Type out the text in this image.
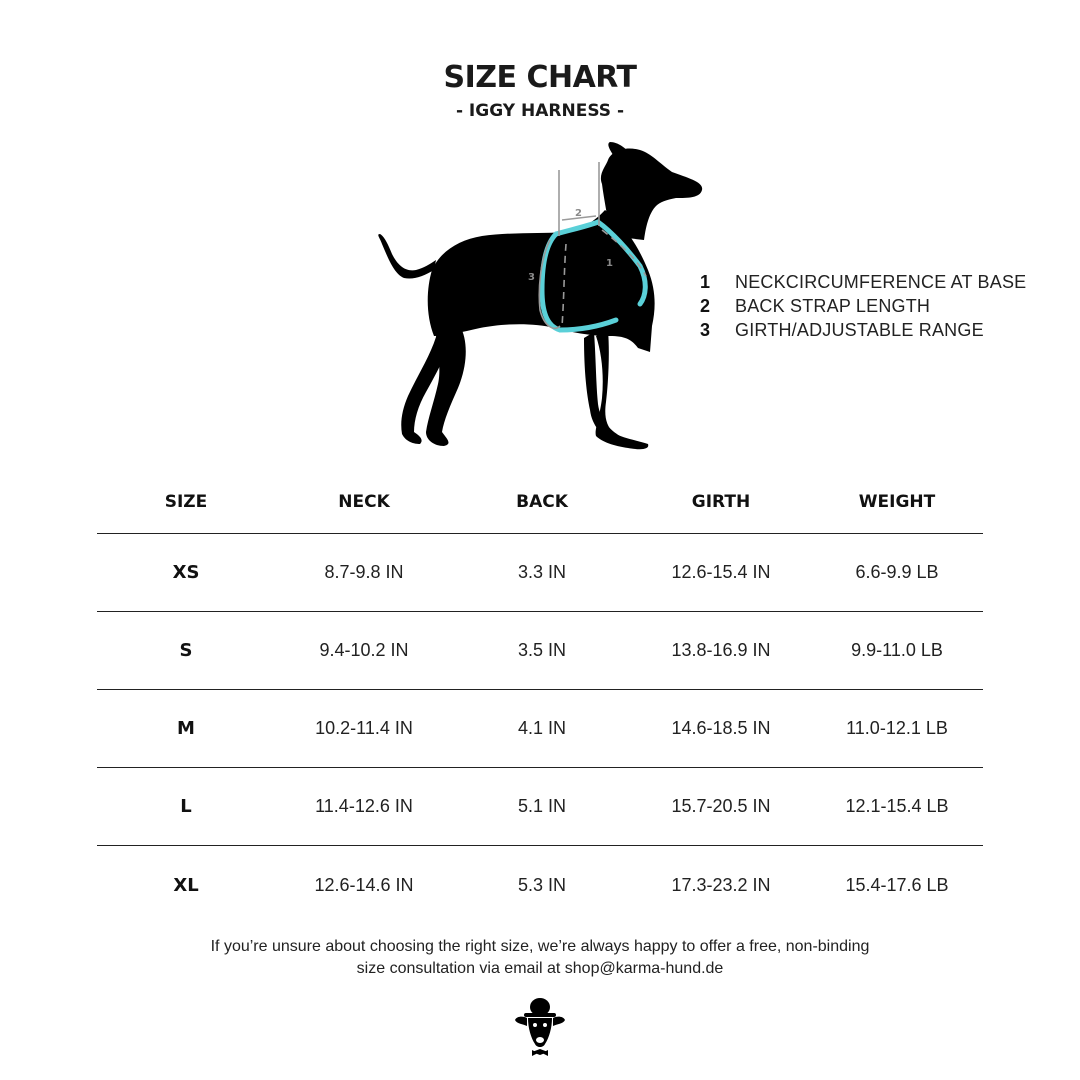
SIZE CHART
- IGGY HARNESS -
2
1
3	1	NECKCIRCUMFERENCE AT BASE
2	BACK STRAP LENGTH
3	GIRTH/ADJUSTABLE RANGE
SIZE	NECK	BACK	GIRTH	WEIGHT
XS	8.7-9.8 IN	3.3 IN	12.6-15.4 IN	6.6-9.9 LB
S	9.4-10.2 IN	3.5 IN	13.8-16.9 IN	9.9-11.0 LB
M	10.2-11.4 IN	4.1 IN	14.6-18.5 IN	11.0-12.1 LB
L	11.4-12.6 IN	5.1 IN	15.7-20.5 IN	12.1-15.4 LB
XL	12.6-14.6 IN	5.3 IN	17.3-23.2 IN	15.4-17.6 LB
If you’re unsure about choosing the right size, we’re always happy to offer a free, non-binding
size consultation via email at shop@karma-hund.de
